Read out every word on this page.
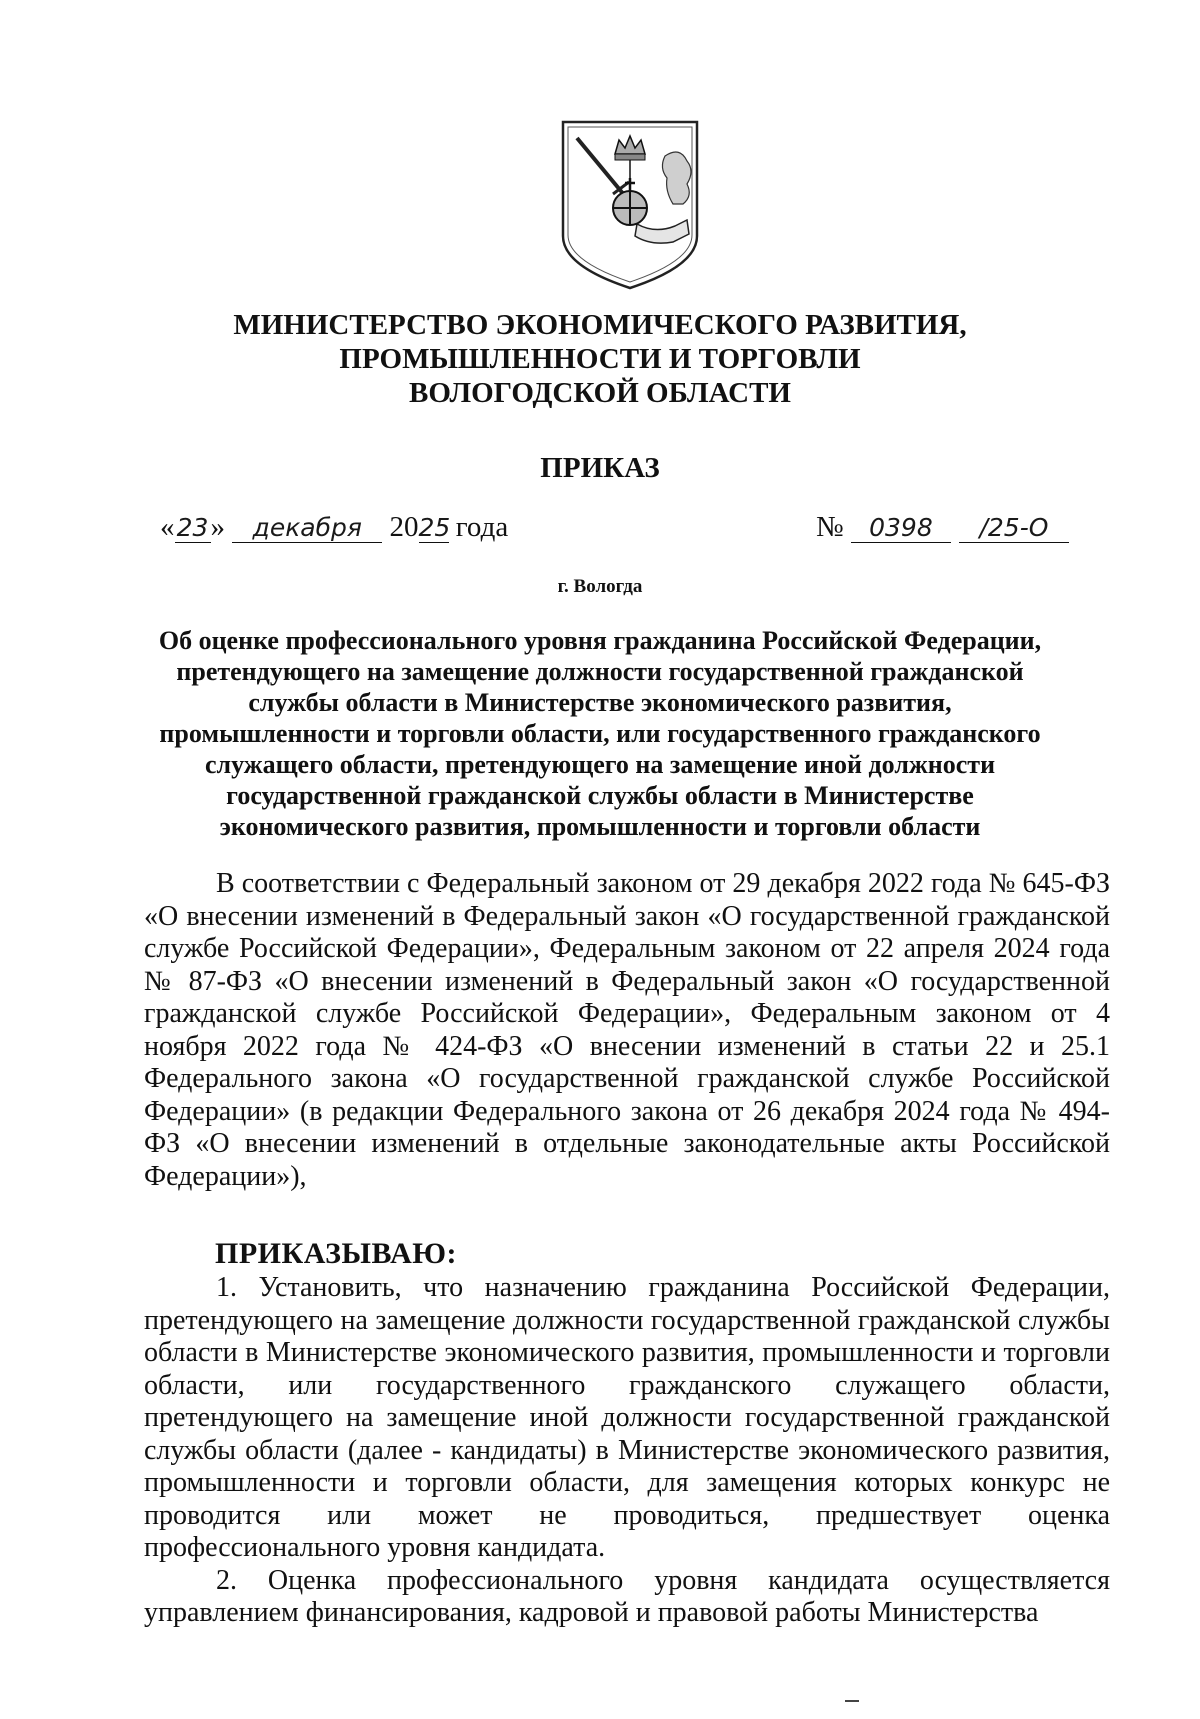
МИНИСТЕРСТВО ЭКОНОМИЧЕСКОГО РАЗВИТИЯ,
ПРОМЫШЛЕННОСТИ И ТОРГОВЛИ
ВОЛОГОДСКОЙ ОБЛАСТИ
ПРИКАЗ
«23» декабря 2025 года	№ 0398 /25-О
г. Вологда
Об оценке профессионального уровня гражданина Российской Федерации,
претендующего на замещение должности государственной гражданской
службы области в Министерстве экономического развития,
промышленности и торговли области, или государственного гражданского
служащего области, претендующего на замещение иной должности
государственной гражданской службы области в Министерстве
экономического развития, промышленности и торговли области

В соответствии с Федеральный законом от 29 декабря 2022 года № 645-ФЗ «О внесении изменений в Федеральный закон «О государственной гражданской службе Российской Федерации», Федеральным законом от 22 апреля 2024 года № 87-ФЗ «О внесении изменений в Федеральный закон «О государственной гражданской службе Российской Федерации», Федеральным законом от 4 ноября 2022 года № 424-ФЗ «О внесении изменений в статьи 22 и 25.1 Федерального закона «О государственной гражданской службе Российской Федерации» (в редакции Федерального закона от 26 декабря 2024 года № 494-ФЗ «О внесении изменений в отдельные законодательные акты Российской Федерации»),

ПРИКАЗЫВАЮ:

1. Установить, что назначению гражданина Российской Федерации, претендующего на замещение должности государственной гражданской службы области в Министерстве экономического развития, промышленности и торговли области, или государственного гражданского служащего области, претендующего на замещение иной должности государственной гражданской службы области (далее - кандидаты) в Министерстве экономического развития, промышленности и торговли области, для замещения которых конкурс не проводится или может не проводиться, предшествует оценка профессионального уровня кандидата.

2. Оценка профессионального уровня кандидата осуществляется управлением финансирования, кадровой и правовой работы Министерства
